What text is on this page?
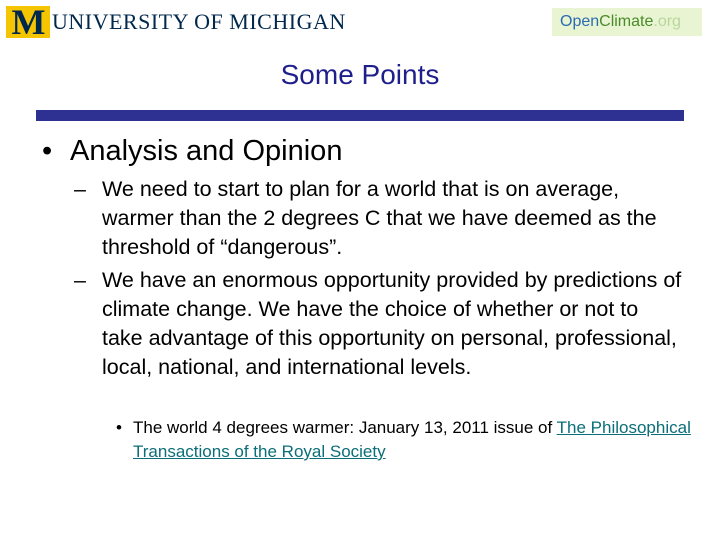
M UNIVERSITY OF MICHIGAN	Open Climate .org
Some Points
• Analysis and Opinion
– We need to start to plan for a world that is on average, warmer than the 2 degrees C that we have deemed as the threshold of “dangerous”.
– We have an enormous opportunity provided by predictions of climate change. We have the choice of whether or not to take advantage of this opportunity on personal, professional, local, national, and international levels.
• The world 4 degrees warmer: January 13, 2011 issue of The Philosophical Transactions of the Royal Society
